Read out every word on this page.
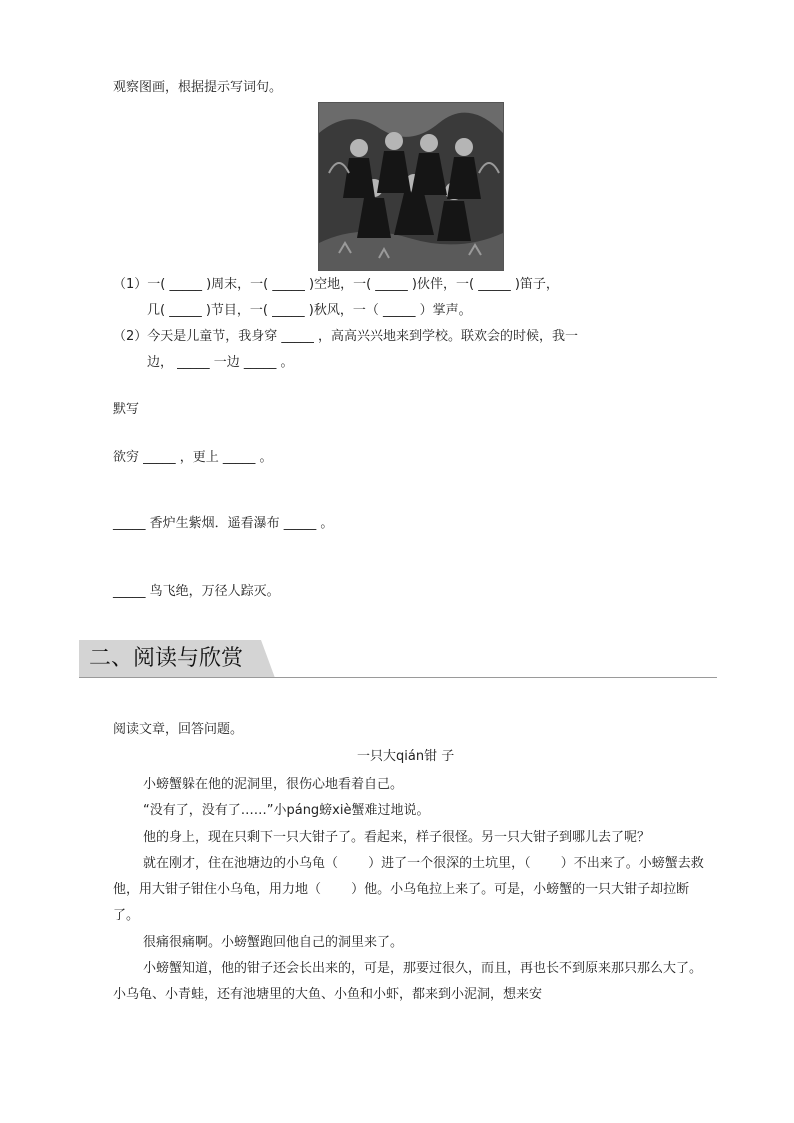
观察图画，根据提示写词句。
（1）一( _____ )周末，一( _____ )空地，一( _____ )伙伴，一( _____ )笛子，
几( _____ )节目，一( _____ )秋风，一（ _____ ）掌声。
（2）今天是儿童节，我身穿 _____ ，高高兴兴地来到学校。联欢会的时候，我一
边， _____ 一边 _____ 。
默写
欲穷 _____ ，更上 _____ 。
_____ 香炉生紫烟．遥看瀑布 _____ 。
_____ 鸟飞绝，万径人踪灭。
二、阅读与欣赏
阅读文章，回答问题。
一只大qián钳 子

小螃蟹躲在他的泥洞里，很伤心地看着自己。

“没有了，没有了……”小páng螃xiè蟹难过地说。

他的身上，现在只剩下一只大钳子了。看起来，样子很怪。另一只大钳子到哪儿去了呢？

就在刚才，住在池塘边的小乌龟（　　 ）进了一个很深的土坑里，（　　 ）不出来了。小螃蟹去救他，用大钳子钳住小乌龟，用力地（　　 ）他。小乌龟拉上来了。可是，小螃蟹的一只大钳子却拉断了。

很痛很痛啊。小螃蟹跑回他自己的洞里来了。

小螃蟹知道，他的钳子还会长出来的，可是，那要过很久，而且，再也长不到原来那只那么大了。小乌龟、小青蛙，还有池塘里的大鱼、小鱼和小虾，都来到小泥洞，想来安
